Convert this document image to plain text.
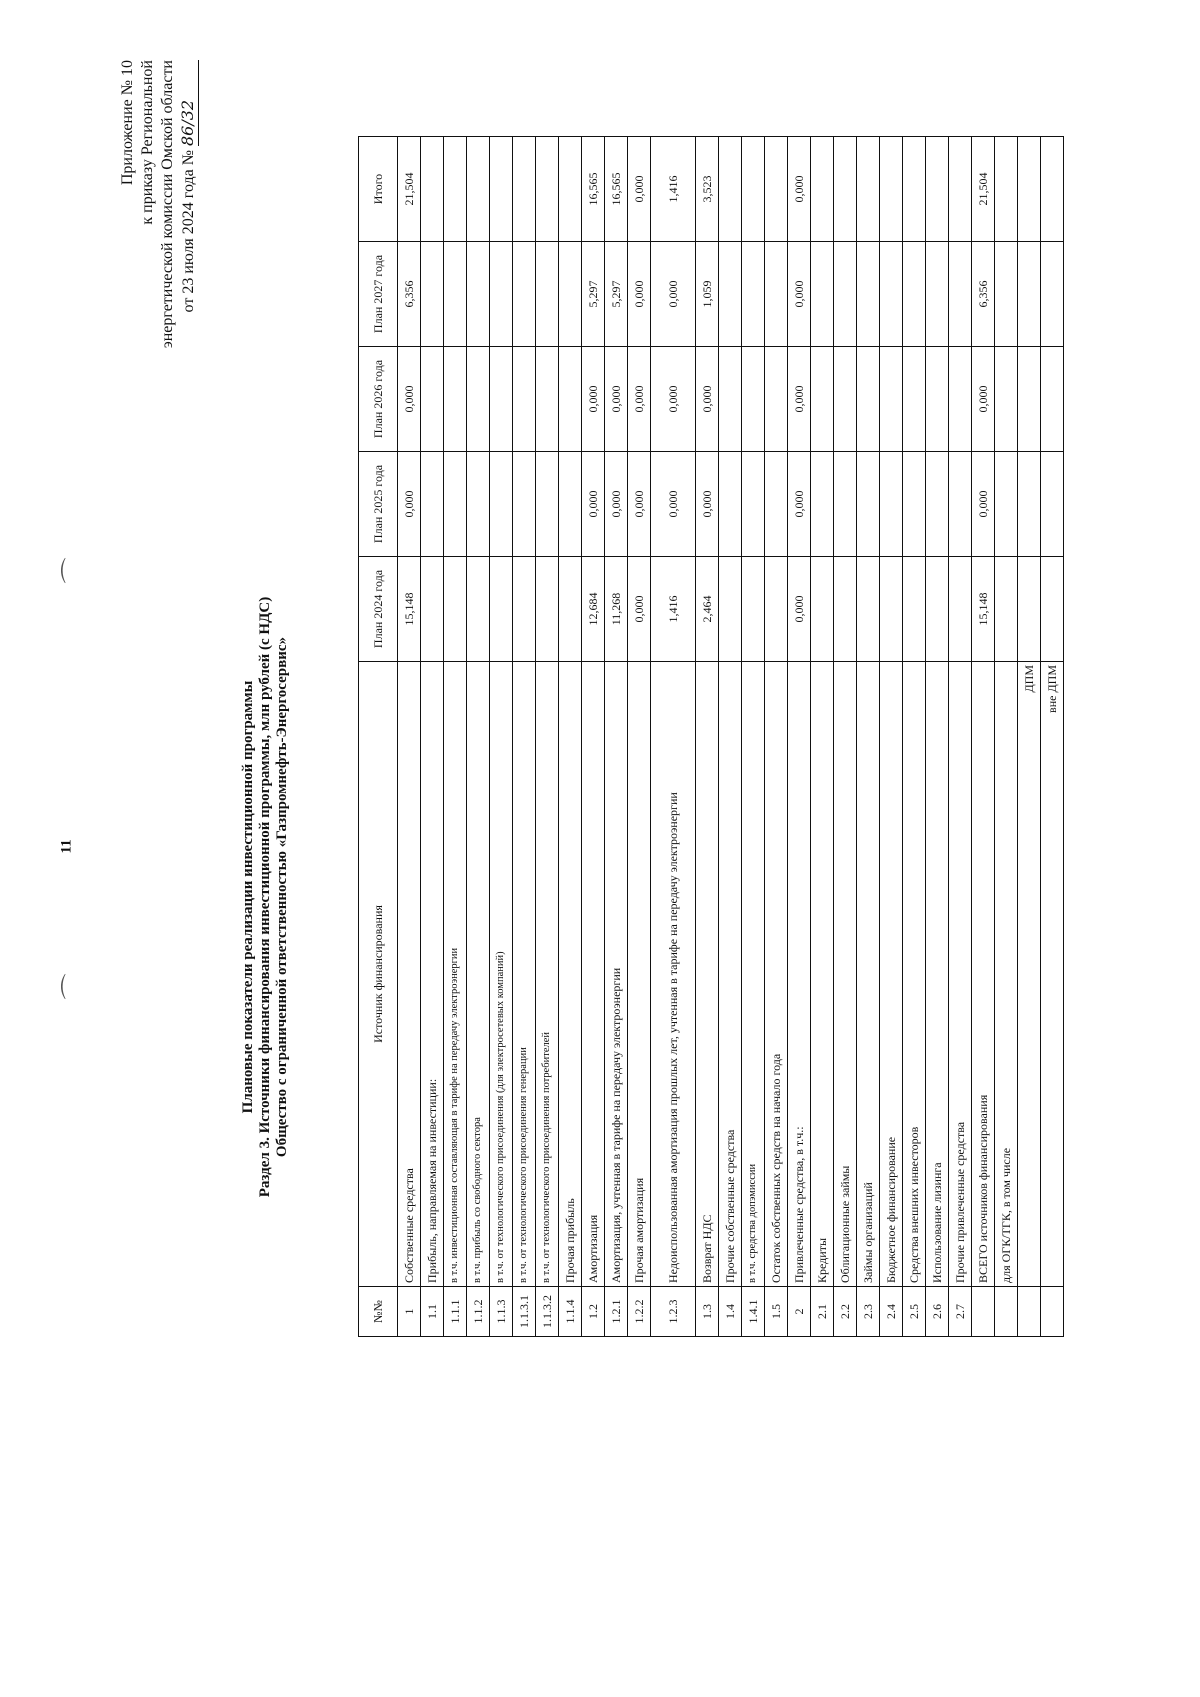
11
⌒
⌒
Приложение № 10 к приказу Региональной энергетической комиссии Омской области от 23 июля 2024 года № 86/32
Плановые показатели реализации инвестиционной программы Раздел 3. Источники финансирования инвестиционной программы, млн рублей (с НДС) Общество с ограниченной ответственностью «Газпромнефть-Энергосервис»
№№	Источник финансирования	План 2024 года	План 2025 года	План 2026 года	План 2027 года	Итого
1	Собственные средства	15,148	0,000	0,000	6,356	21,504
1.1	Прибыль, направляемая на инвестиции:					
1.1.1	в т.ч. инвестиционная составляющая в тарифе на передачу электроэнергии					
1.1.2	в т.ч. прибыль со свободного сектора					
1.1.3	в т.ч. от технологического присоединения (для электросетевых компаний)					
1.1.3.1	в т.ч. от технологического присоединения генерации					
1.1.3.2	в т.ч. от технологического присоединения потребителей					
1.1.4	Прочая прибыль					
1.2	Амортизация	12,684	0,000	0,000	5,297	16,565
1.2.1	Амортизация, учтенная в тарифе на передачу электроэнергии	11,268	0,000	0,000	5,297	16,565
1.2.2	Прочая амортизация	0,000	0,000	0,000	0,000	0,000
1.2.3	Недоиспользованная амортизация прошлых лет, учтенная в тарифе на передачу электроэнергии	1,416	0,000	0,000	0,000	1,416
1.3	Возврат НДС	2,464	0,000	0,000	1,059	3,523
1.4	Прочие собственные средства					
1.4.1	в т.ч. средства допэмиссии					
1.5	Остаток собственных средств на начало года					
2	Привлеченные средства, в т.ч.:	0,000	0,000	0,000	0,000	0,000
2.1	Кредиты					
2.2	Облигационные займы					
2.3	Займы организаций					
2.4	Бюджетное финансирование					
2.5	Средства внешних инвесторов					
2.6	Использование лизинга					
2.7	Прочие привлеченные средства					
	ВСЕГО источников финансирования	15,148	0,000	0,000	6,356	21,504
	для ОГК/ТГК, в том числе					
	ДПМ					
	вне ДПМ					
